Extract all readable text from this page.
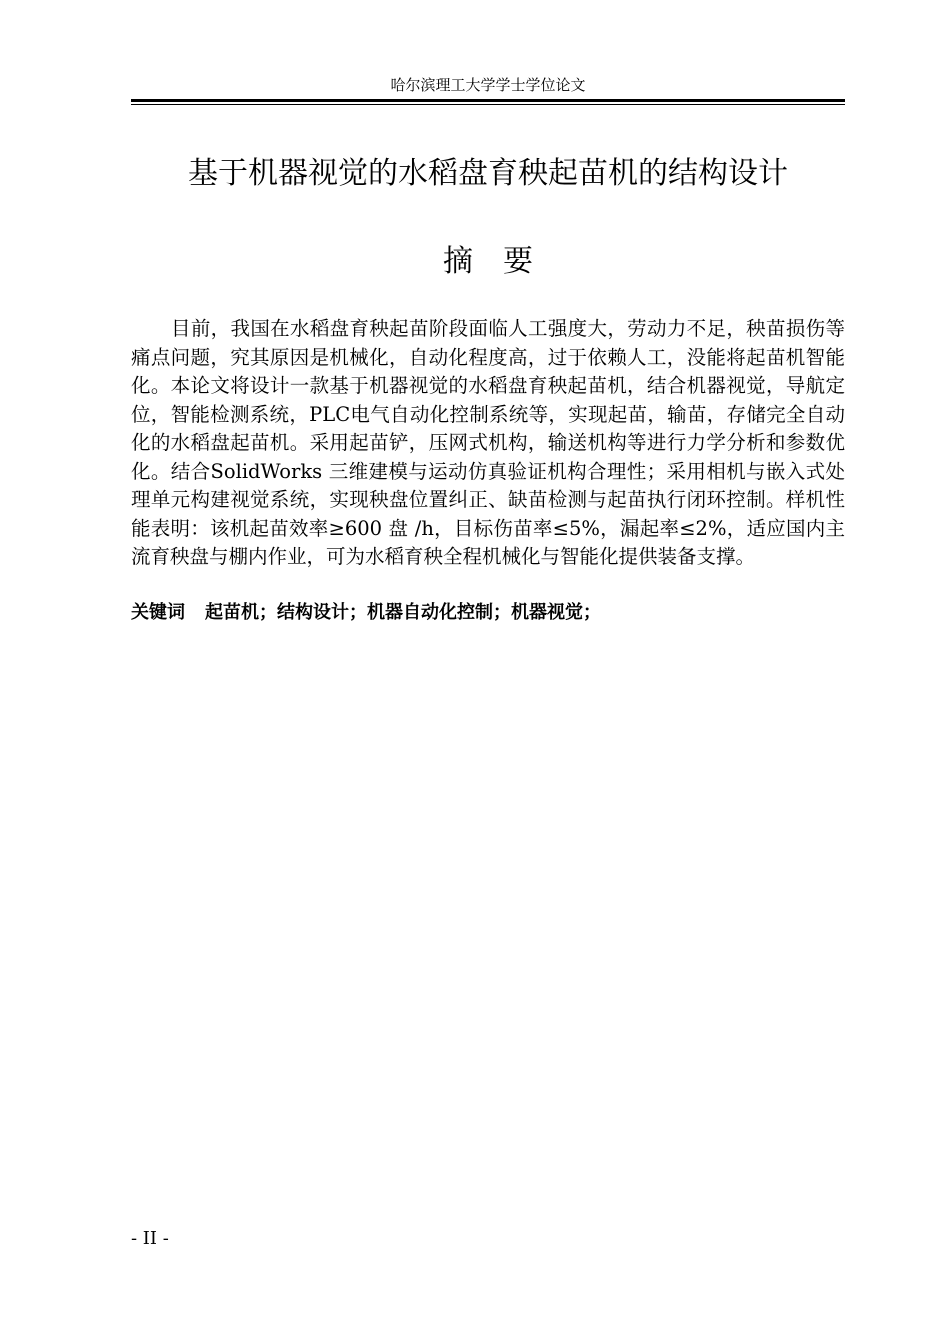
哈尔滨理工大学学士学位论文
基于机器视觉的水稻盘育秧起苗机的结构设计
摘要

目前，我国在水稻盘育秧起苗阶段面临人工强度大，劳动力不足，秧苗损伤等痛点问题，究其原因是机械化，自动化程度高，过于依赖人工，没能将起苗机智能化。本论文将设计一款基于机器视觉的水稻盘育秧起苗机，结合机器视觉，导航定位，智能检测系统，PLC电气自动化控制系统等，实现起苗，输苗，存储完全自动化的水稻盘起苗机。采用起苗铲，压网式机构，输送机构等进行力学分析和参数优化。结合SolidWorks 三维建模与运动仿真验证机构合理性；采用相机与嵌入式处理单元构建视觉系统，实现秧盘位置纠正、缺苗检测与起苗执行闭环控制。样机性能表明：该机起苗效率≥600 盘 /h，目标伤苗率≤5%，漏起率≤2%，适应国内主流育秧盘与棚内作业，可为水稻育秧全程机械化与智能化提供装备支撑。

关键词 起苗机；结构设计；机器自动化控制；机器视觉；
- II -
